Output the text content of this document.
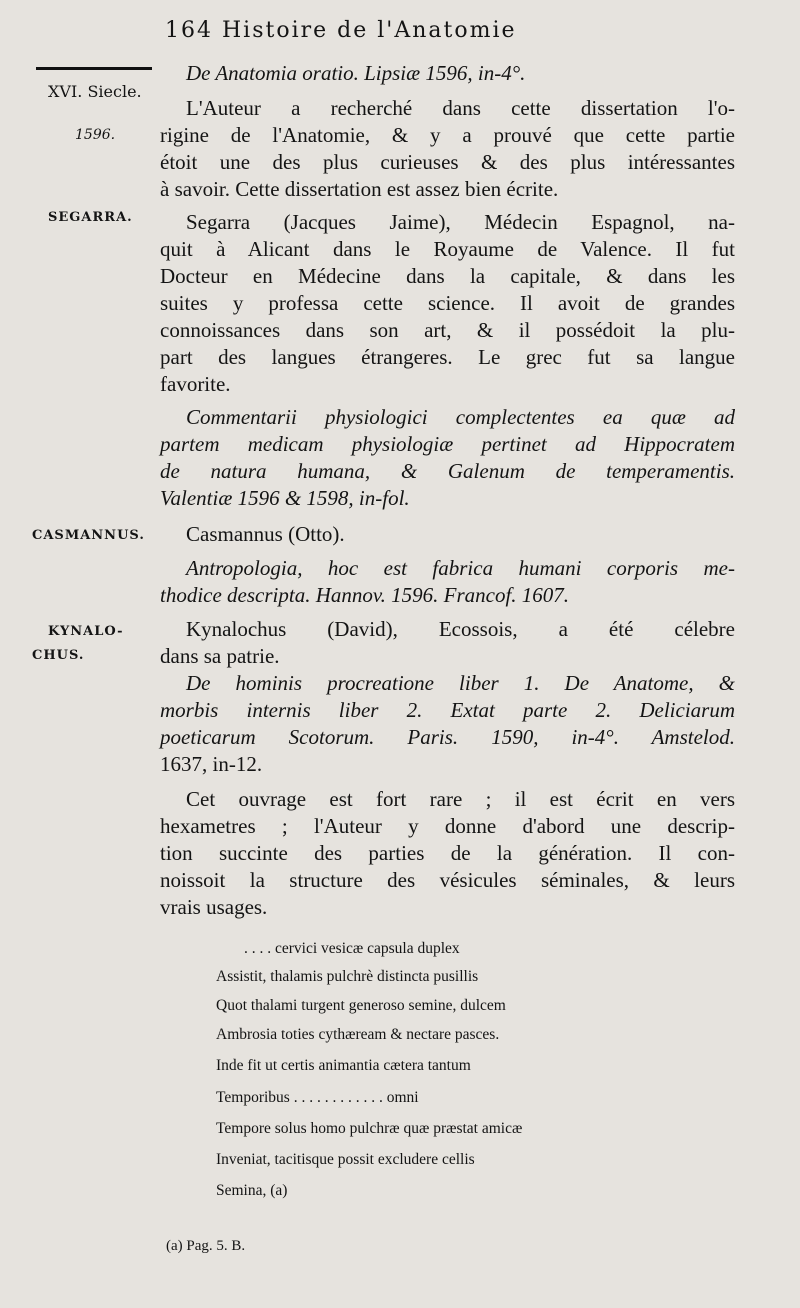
164 Histoire de l'Anatomie
XVI. Siecle.
1596.
SEGARRA.
CASMANNUS.
KYNALO-
CHUS.
De Anatomia oratio. Lipsiæ 1596, in-4°.
L'Auteur a recherché dans cette dissertation l'o-
rigine de l'Anatomie, & y a prouvé que cette partie
étoit une des plus curieuses & des plus intéressantes
à savoir. Cette dissertation est assez bien écrite.
Segarra (Jacques Jaime), Médecin Espagnol, na-
quit à Alicant dans le Royaume de Valence. Il fut
Docteur en Médecine dans la capitale, & dans les
suites y professa cette science. Il avoit de grandes
connoissances dans son art, & il possédoit la plu-
part des langues étrangeres. Le grec fut sa langue
favorite.
Commentarii physiologici complectentes ea quæ ad
partem medicam physiologiæ pertinet ad Hippocratem
de natura humana, & Galenum de temperamentis.
Valentiæ 1596 & 1598, in-fol.
Casmannus (Otto).
Antropologia, hoc est fabrica humani corporis me-
thodice descripta. Hannov. 1596. Francof. 1607.
Kynalochus (David), Ecossois, a été célebre
dans sa patrie.
De hominis procreatione liber 1. De Anatome, &
morbis internis liber 2. Extat parte 2. Deliciarum
poeticarum Scotorum. Paris. 1590, in-4°. Amstelod.
1637, in-12.
Cet ouvrage est fort rare ; il est écrit en vers
hexametres ; l'Auteur y donne d'abord une descrip-
tion succinte des parties de la génération. Il con-
noissoit la structure des vésicules séminales, & leurs
vrais usages.
. . . . cervici vesicæ capsula duplex
Assistit, thalamis pulchrè distincta pusillis
Quot thalami turgent generoso semine, dulcem
Ambrosia toties cythæream & nectare pasces.
Inde fit ut certis animantia cætera tantum
Temporibus . . . . . . . . . . . . omni
Tempore solus homo pulchræ quæ præstat amicæ
Inveniat, tacitisque possit excludere cellis
Semina, (a)
(a) Pag. 5. B.
